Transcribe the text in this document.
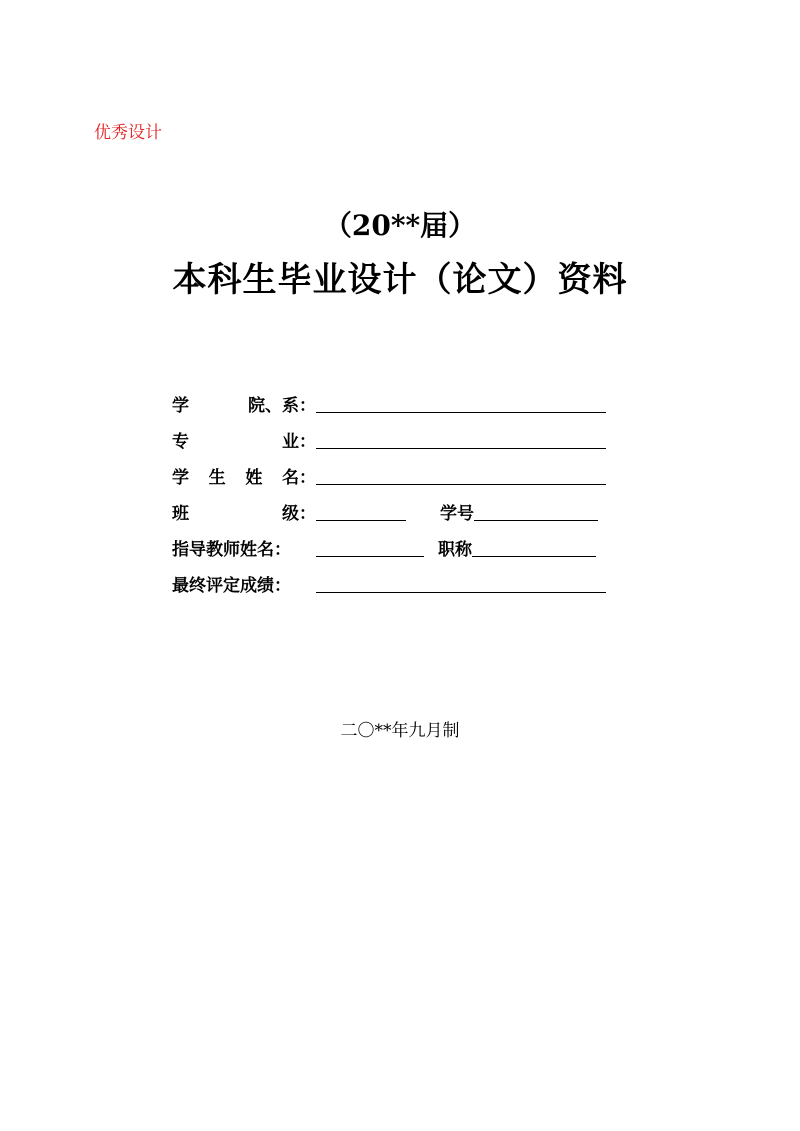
优秀设计
（20**届）
本科生毕业设计（论文）资料
学	院、系：
专	业：
学 生 姓 名：
班	级：	学号
指导教师姓名：	职称
最终评定成绩：
二〇**年九月制
